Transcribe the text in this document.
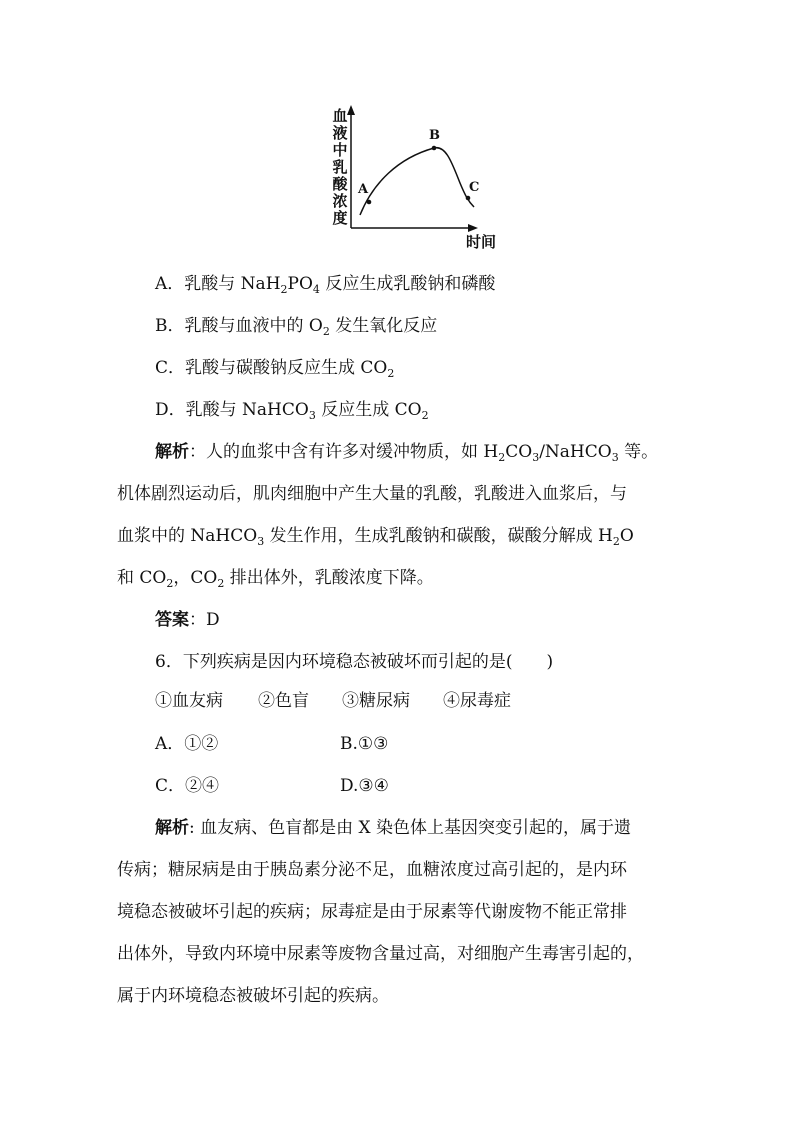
血液中乳酸浓度
A
B
C
时间
A．乳酸与 $NaH_2PO_4$ 反应生成乳酸钠和磷酸
B．乳酸与血液中的 $O_2$ 发生氧化反应
C．乳酸与碳酸钠反应生成 $CO_2$
D．乳酸与 NaHCO$_3$ 反应生成 $CO_2$
解析：人的血浆中含有许多对缓冲物质，如 $H_2CO_3/NaHCO_3$ 等。
机体剧烈运动后，肌肉细胞中产生大量的乳酸，乳酸进入血浆后，与
血浆中的 NaHCO$_3$ 发生作用，生成乳酸钠和碳酸，碳酸分解成 $H_2O$
和 $CO_2$，$CO_2$ 排出体外，乳酸浓度下降。
答案：D
6．下列疾病是因内环境稳态被破坏而引起的是(　　)
①血友病 ②色盲 ③糖尿病 ④尿毒症
A．①②	B.①③
C．②④	D.③④
解析: 血友病、色盲都是由 X 染色体上基因突变引起的，属于遗
传病；糖尿病是由于胰岛素分泌不足，血糖浓度过高引起的，是内环
境稳态被破坏引起的疾病；尿毒症是由于尿素等代谢废物不能正常排
出体外，导致内环境中尿素等废物含量过高，对细胞产生毒害引起的，
属于内环境稳态被破坏引起的疾病。
